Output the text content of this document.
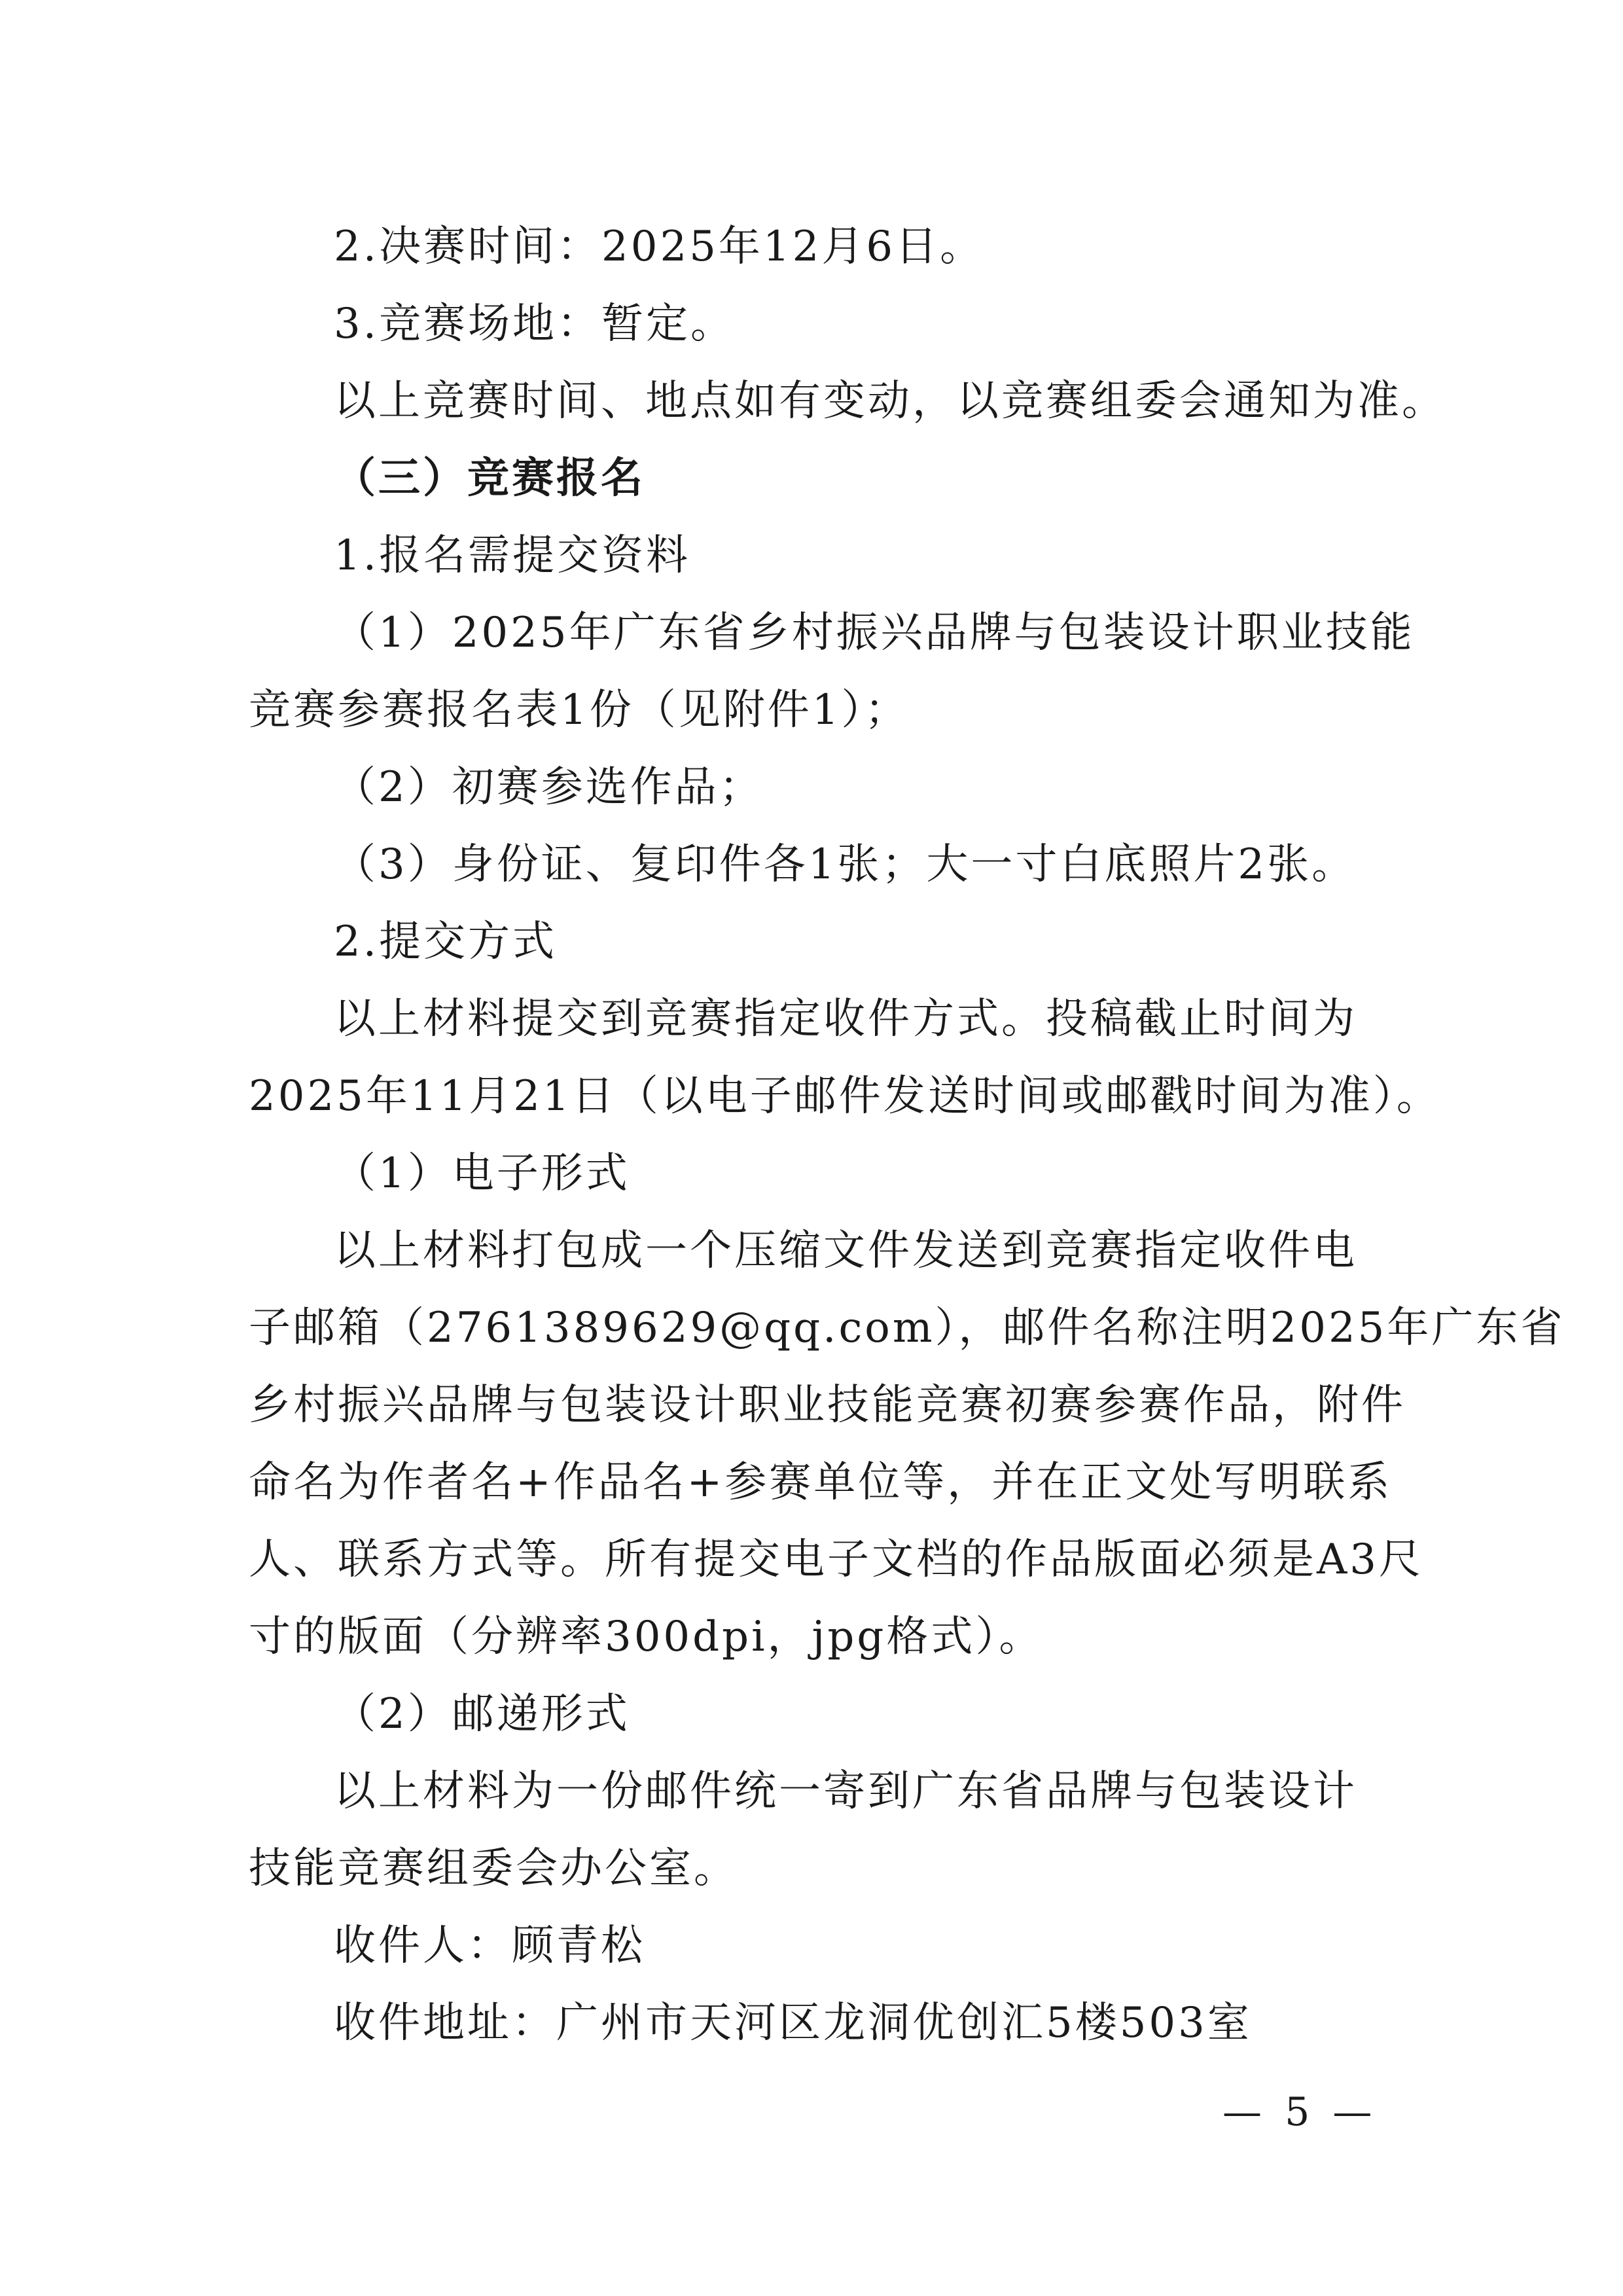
2.决赛时间：2025年12月6日。
3.竞赛场地：暂定。
以上竞赛时间、地点如有变动，以竞赛组委会通知为准。
（三）竞赛报名
1.报名需提交资料
（1）2025年广东省乡村振兴品牌与包装设计职业技能
竞赛参赛报名表1份（见附件1）；
（2）初赛参选作品；
（3）身份证、复印件各1张；大一寸白底照片2张。
2.提交方式
以上材料提交到竞赛指定收件方式。投稿截止时间为
2025年11月21日（以电子邮件发送时间或邮戳时间为准）。
（1）电子形式
以上材料打包成一个压缩文件发送到竞赛指定收件电
子邮箱（2761389629@qq.com），邮件名称注明2025年广东省
乡村振兴品牌与包装设计职业技能竞赛初赛参赛作品，附件
命名为作者名+作品名+参赛单位等，并在正文处写明联系
人、联系方式等。所有提交电子文档的作品版面必须是A3尺
寸的版面（分辨率300dpi，jpg格式）。
（2）邮递形式
以上材料为一份邮件统一寄到广东省品牌与包装设计
技能竞赛组委会办公室。
收件人：顾青松
收件地址：广州市天河区龙洞优创汇5楼503室
— 5 —
